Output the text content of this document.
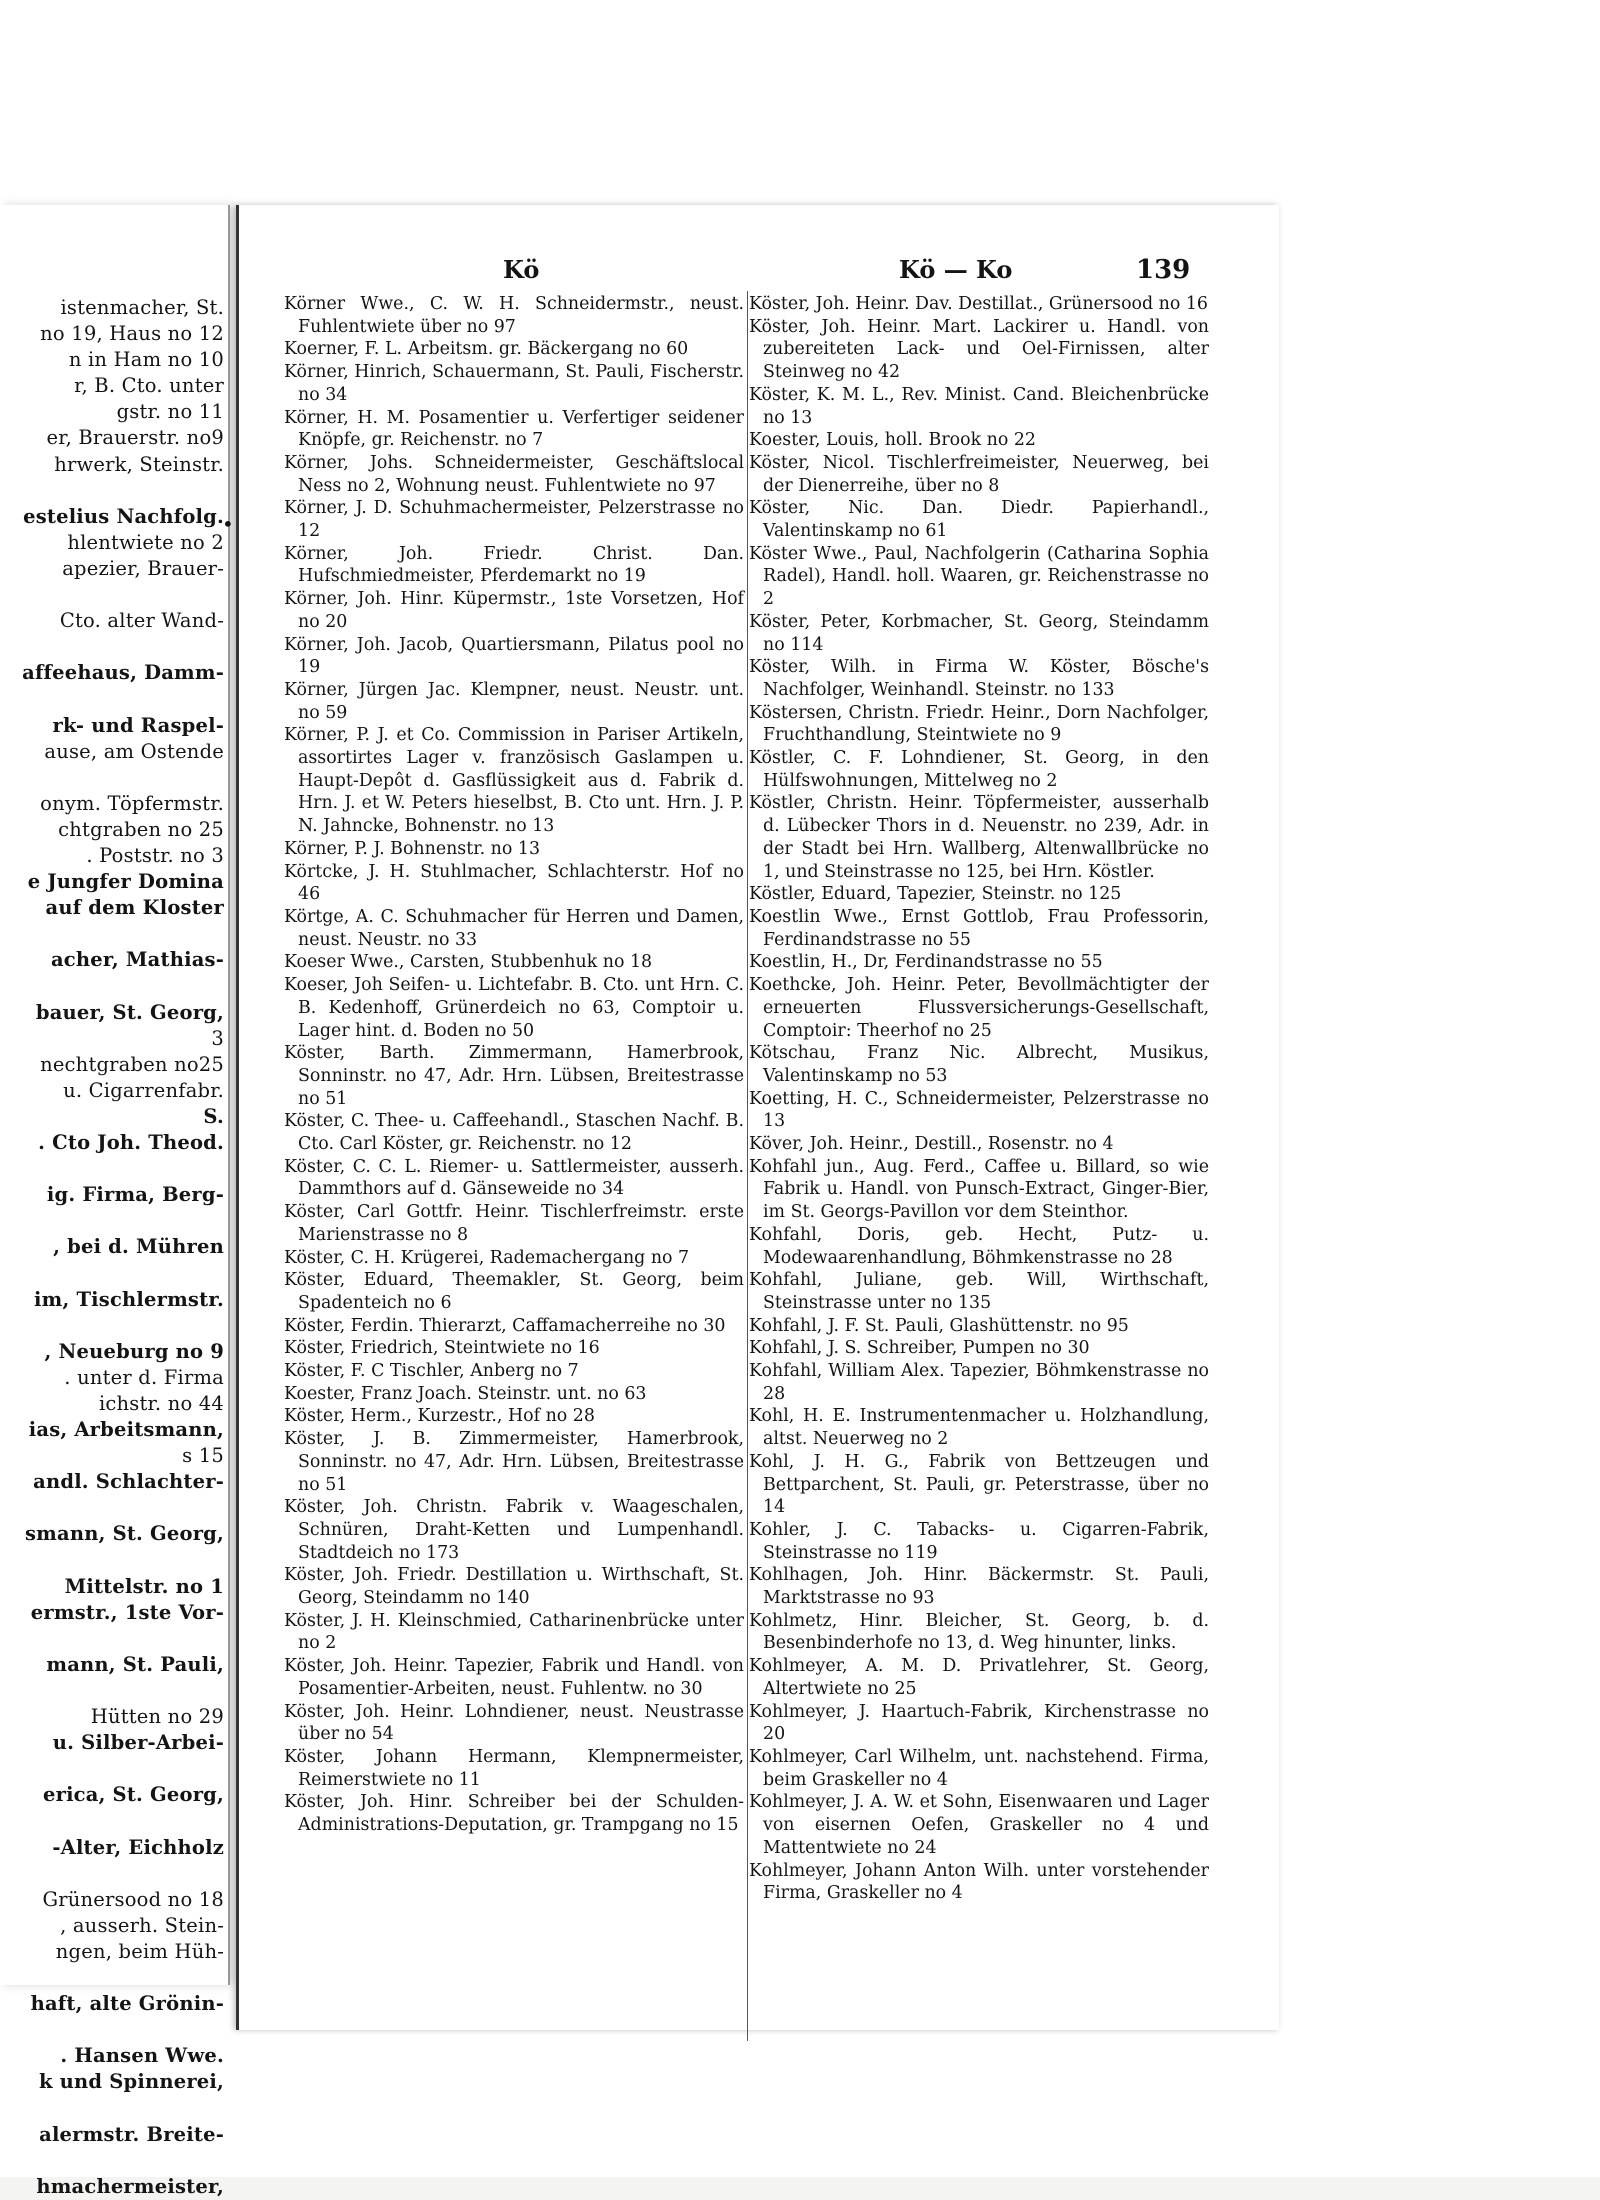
istenmacher, St.
no 19, Haus no 12
n in Ham no 10
r, B. Cto. unter
gstr. no 11
er, Brauerstr. no9
hrwerk, Steinstr.

estelius Nachfolg.
hlentwiete no 2
apezier, Brauer-

Cto. alter Wand-

affeehaus, Damm-

rk- und Raspel-
ause, am Ostende

onym. Töpfermstr.
chtgraben no 25
. Poststr. no 3
e Jungfer Domina
auf dem Kloster

acher, Mathias-

bauer, St. Georg,
3
nechtgraben no25
u. Cigarrenfabr.
S.
. Cto Joh. Theod.

ig. Firma, Berg-

, bei d. Mühren

im, Tischlermstr.

, Neueburg no 9
. unter d. Firma
ichstr. no 44
ias, Arbeitsmann,
s 15
andl. Schlachter-

smann, St. Georg,

Mittelstr. no 1
ermstr., 1ste Vor-

mann, St. Pauli,

Hütten no 29
u. Silber-Arbei-

erica, St. Georg,

-Alter, Eichholz

Grünersood no 18
, ausserh. Stein-
ngen, beim Hüh-

haft, alte Grönin-

. Hansen Wwe.
k und Spinnerei,

alermstr. Breite-

hmachermeister,
•
Kö	Kö — Ko	139

Körner Wwe., C. W. H. Schneidermstr., neust. Fuhlentwiete über no 97

Koerner, F. L. Arbeitsm. gr. Bäckergang no 60

Körner, Hinrich, Schauermann, St. Pauli, Fischerstr. no 34

Körner, H. M. Posamentier u. Verfertiger seidener Knöpfe, gr. Reichenstr. no 7

Körner, Johs. Schneidermeister, Geschäftslocal Ness no 2, Wohnung neust. Fuhlentwiete no 97

Körner, J. D. Schuhmachermeister, Pelzerstrasse no 12

Körner, Joh. Friedr. Christ. Dan. Hufschmiedmeister, Pferdemarkt no 19

Körner, Joh. Hinr. Küpermstr., 1ste Vorsetzen, Hof no 20

Körner, Joh. Jacob, Quartiersmann, Pilatus pool no 19

Körner, Jürgen Jac. Klempner, neust. Neustr. unt. no 59

Körner, P. J. et Co. Commission in Pariser Artikeln, assortirtes Lager v. französisch Gaslampen u. Haupt-Depôt d. Gasflüssigkeit aus d. Fabrik d. Hrn. J. et W. Peters hieselbst, B. Cto unt. Hrn. J. P. N. Jahncke, Bohnenstr. no 13

Körner, P. J. Bohnenstr. no 13

Körtcke, J. H. Stuhlmacher, Schlachterstr. Hof no 46

Körtge, A. C. Schuhmacher für Herren und Damen, neust. Neustr. no 33

Koeser Wwe., Carsten, Stubbenhuk no 18

Koeser, Joh Seifen- u. Lichtefabr. B. Cto. unt Hrn. C. B. Kedenhoff, Grünerdeich no 63, Comptoir u. Lager hint. d. Boden no 50

Köster, Barth. Zimmermann, Hamerbrook, Sonninstr. no 47, Adr. Hrn. Lübsen, Breitestrasse no 51

Köster, C. Thee- u. Caffeehandl., Staschen Nachf. B. Cto. Carl Köster, gr. Reichenstr. no 12

Köster, C. C. L. Riemer- u. Sattlermeister, ausserh. Dammthors auf d. Gänseweide no 34

Köster, Carl Gottfr. Heinr. Tischlerfreimstr. erste Marienstrasse no 8

Köster, C. H. Krügerei, Rademachergang no 7

Köster, Eduard, Theemakler, St. Georg, beim Spadenteich no 6

Köster, Ferdin. Thierarzt, Caffamacherreihe no 30

Köster, Friedrich, Steintwiete no 16

Köster, F. C Tischler, Anberg no 7

Koester, Franz Joach. Steinstr. unt. no 63

Köster, Herm., Kurzestr., Hof no 28

Köster, J. B. Zimmermeister, Hamerbrook, Sonninstr. no 47, Adr. Hrn. Lübsen, Breitestrasse no 51

Köster, Joh. Christn. Fabrik v. Waageschalen, Schnüren, Draht-Ketten und Lumpenhandl. Stadtdeich no 173

Köster, Joh. Friedr. Destillation u. Wirthschaft, St. Georg, Steindamm no 140

Köster, J. H. Kleinschmied, Catharinenbrücke unter no 2

Köster, Joh. Heinr. Tapezier, Fabrik und Handl. von Posamentier-Arbeiten, neust. Fuhlentw. no 30

Köster, Joh. Heinr. Lohndiener, neust. Neustrasse über no 54

Köster, Johann Hermann, Klempnermeister, Reimerstwiete no 11

Köster, Joh. Hinr. Schreiber bei der Schulden-Administrations-Deputation, gr. Trampgang no 15

Köster, Joh. Heinr. Dav. Destillat., Grünersood no 16

Köster, Joh. Heinr. Mart. Lackirer u. Handl. von zubereiteten Lack- und Oel-Firnissen, alter Steinweg no 42

Köster, K. M. L., Rev. Minist. Cand. Bleichenbrücke no 13

Koester, Louis, holl. Brook no 22

Köster, Nicol. Tischlerfreimeister, Neuerweg, bei der Dienerreihe, über no 8

Köster, Nic. Dan. Diedr. Papierhandl., Valentinskamp no 61

Köster Wwe., Paul, Nachfolgerin (Catharina Sophia Radel), Handl. holl. Waaren, gr. Reichenstrasse no 2

Köster, Peter, Korbmacher, St. Georg, Steindamm no 114

Köster, Wilh. in Firma W. Köster, Bösche's Nachfolger, Weinhandl. Steinstr. no 133

Köstersen, Christn. Friedr. Heinr., Dorn Nachfolger, Fruchthandlung, Steintwiete no 9

Köstler, C. F. Lohndiener, St. Georg, in den Hülfswohnungen, Mittelweg no 2

Köstler, Christn. Heinr. Töpfermeister, ausserhalb d. Lübecker Thors in d. Neuenstr. no 239, Adr. in der Stadt bei Hrn. Wallberg, Altenwallbrücke no 1, und Steinstrasse no 125, bei Hrn. Köstler.

Köstler, Eduard, Tapezier, Steinstr. no 125

Koestlin Wwe., Ernst Gottlob, Frau Professorin, Ferdinandstrasse no 55

Koestlin, H., Dr, Ferdinandstrasse no 55

Koethcke, Joh. Heinr. Peter, Bevollmächtigter der erneuerten Flussversicherungs-Gesellschaft, Comptoir: Theerhof no 25

Kötschau, Franz Nic. Albrecht, Musikus, Valentinskamp no 53

Koetting, H. C., Schneidermeister, Pelzerstrasse no 13

Köver, Joh. Heinr., Destill., Rosenstr. no 4

Kohfahl jun., Aug. Ferd., Caffee u. Billard, so wie Fabrik u. Handl. von Punsch-Extract, Ginger-Bier, im St. Georgs-Pavillon vor dem Steinthor.

Kohfahl, Doris, geb. Hecht, Putz- u. Modewaarenhandlung, Böhmkenstrasse no 28

Kohfahl, Juliane, geb. Will, Wirthschaft, Steinstrasse unter no 135

Kohfahl, J. F. St. Pauli, Glashüttenstr. no 95

Kohfahl, J. S. Schreiber, Pumpen no 30

Kohfahl, William Alex. Tapezier, Böhmkenstrasse no 28

Kohl, H. E. Instrumentenmacher u. Holzhandlung, altst. Neuerweg no 2

Kohl, J. H. G., Fabrik von Bettzeugen und Bettparchent, St. Pauli, gr. Peterstrasse, über no 14

Kohler, J. C. Tabacks- u. Cigarren-Fabrik, Steinstrasse no 119

Kohlhagen, Joh. Hinr. Bäckermstr. St. Pauli, Marktstrasse no 93

Kohlmetz, Hinr. Bleicher, St. Georg, b. d. Besenbinderhofe no 13, d. Weg hinunter, links.

Kohlmeyer, A. M. D. Privatlehrer, St. Georg, Altertwiete no 25

Kohlmeyer, J. Haartuch-Fabrik, Kirchenstrasse no 20

Kohlmeyer, Carl Wilhelm, unt. nachstehend. Firma, beim Graskeller no 4

Kohlmeyer, J. A. W. et Sohn, Eisenwaaren und Lager von eisernen Oefen, Graskeller no 4 und Mattentwiete no 24

Kohlmeyer, Johann Anton Wilh. unter vorstehender Firma, Graskeller no 4
